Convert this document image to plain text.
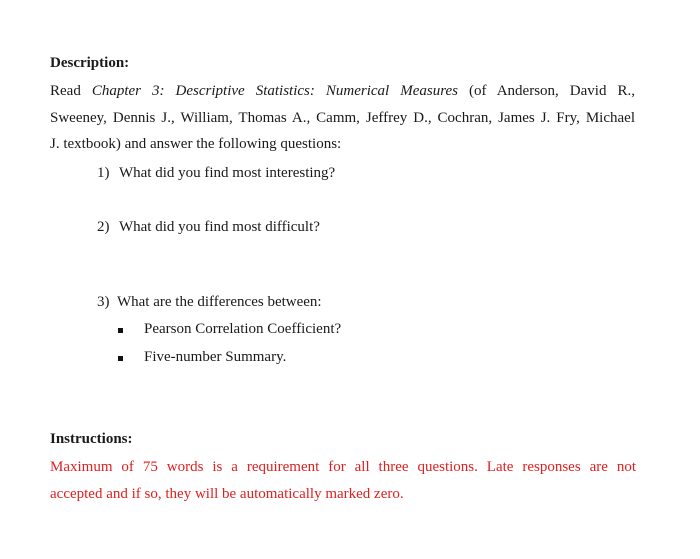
Description:
Read Chapter 3: Descriptive Statistics: Numerical Measures (of Anderson, David R.,
Sweeney, Dennis J., William, Thomas A., Camm, Jeffrey D., Cochran, James J. Fry, Michael
J. textbook) and answer the following questions:
1) What did you find most interesting?
2) What did you find most difficult?
3) What are the differences between:
Pearson Correlation Coefficient?
Five-number Summary.
Instructions:
Maximum of 75 words is a requirement for all three questions. Late responses are not
accepted and if so, they will be automatically marked zero.
